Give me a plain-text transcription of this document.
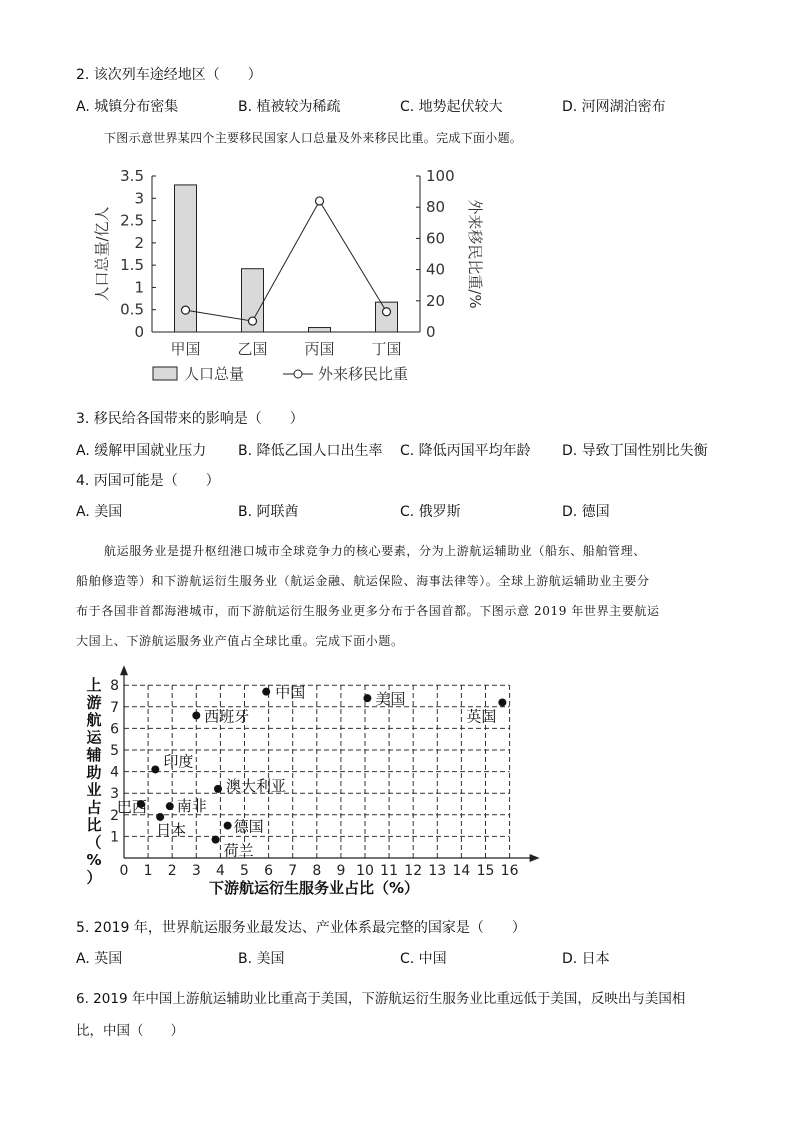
2. 该次列车途经地区（　　）
A. 城镇分布密集	B. 植被较为稀疏	C. 地势起伏较大	D. 河网湖泊密布
下图示意世界某四个主要移民国家人口总量及外来移民比重。完成下面小题。
0
0.5
1
1.5
2
2.5
3
3.5
0
20
40
60
80
100
人口总量/亿人	外来移民比重/%
甲国 乙国 丙国 丁国
人口总量	外来移民比重
3. 移民给各国带来的影响是（　　）
A. 缓解甲国就业压力 B. 降低乙国人口出生率 C. 降低丙国平均年龄 D. 导致丁国性别比失衡
4. 丙国可能是（　　）
A. 美国	B. 阿联酋	C. 俄罗斯	D. 德国
航运服务业是提升枢纽港口城市全球竞争力的核心要素，分为上游航运辅助业（船东、船舶管理、
船舶修造等）和下游航运衍生服务业（航运金融、航运保险、海事法律等）。全球上游航运辅助业主要分
布于各国非首都海港城市，而下游航运衍生服务业更多分布于各国首都。下图示意 2019 年世界主要航运
大国上、下游航运服务业产值占全球比重。完成下面小题。
0 1 2 3 4 5 6 7 8 9 10 11 12 13 14 15 16
1
2
3
4
5
6
7
8
下游航运衍生服务业占比（%）
上游航运辅助业占比（%）
中国	美国
英国
西班牙
印度
澳大利亚
巴西 南非
日本	德国
荷兰
5. 2019 年，世界航运服务业最发达、产业体系最完整的国家是（　　）
A. 英国	B. 美国	C. 中国	D. 日本
6. 2019 年中国上游航运辅助业比重高于美国，下游航运衍生服务业比重远低于美国，反映出与美国相
比，中国（　　）
